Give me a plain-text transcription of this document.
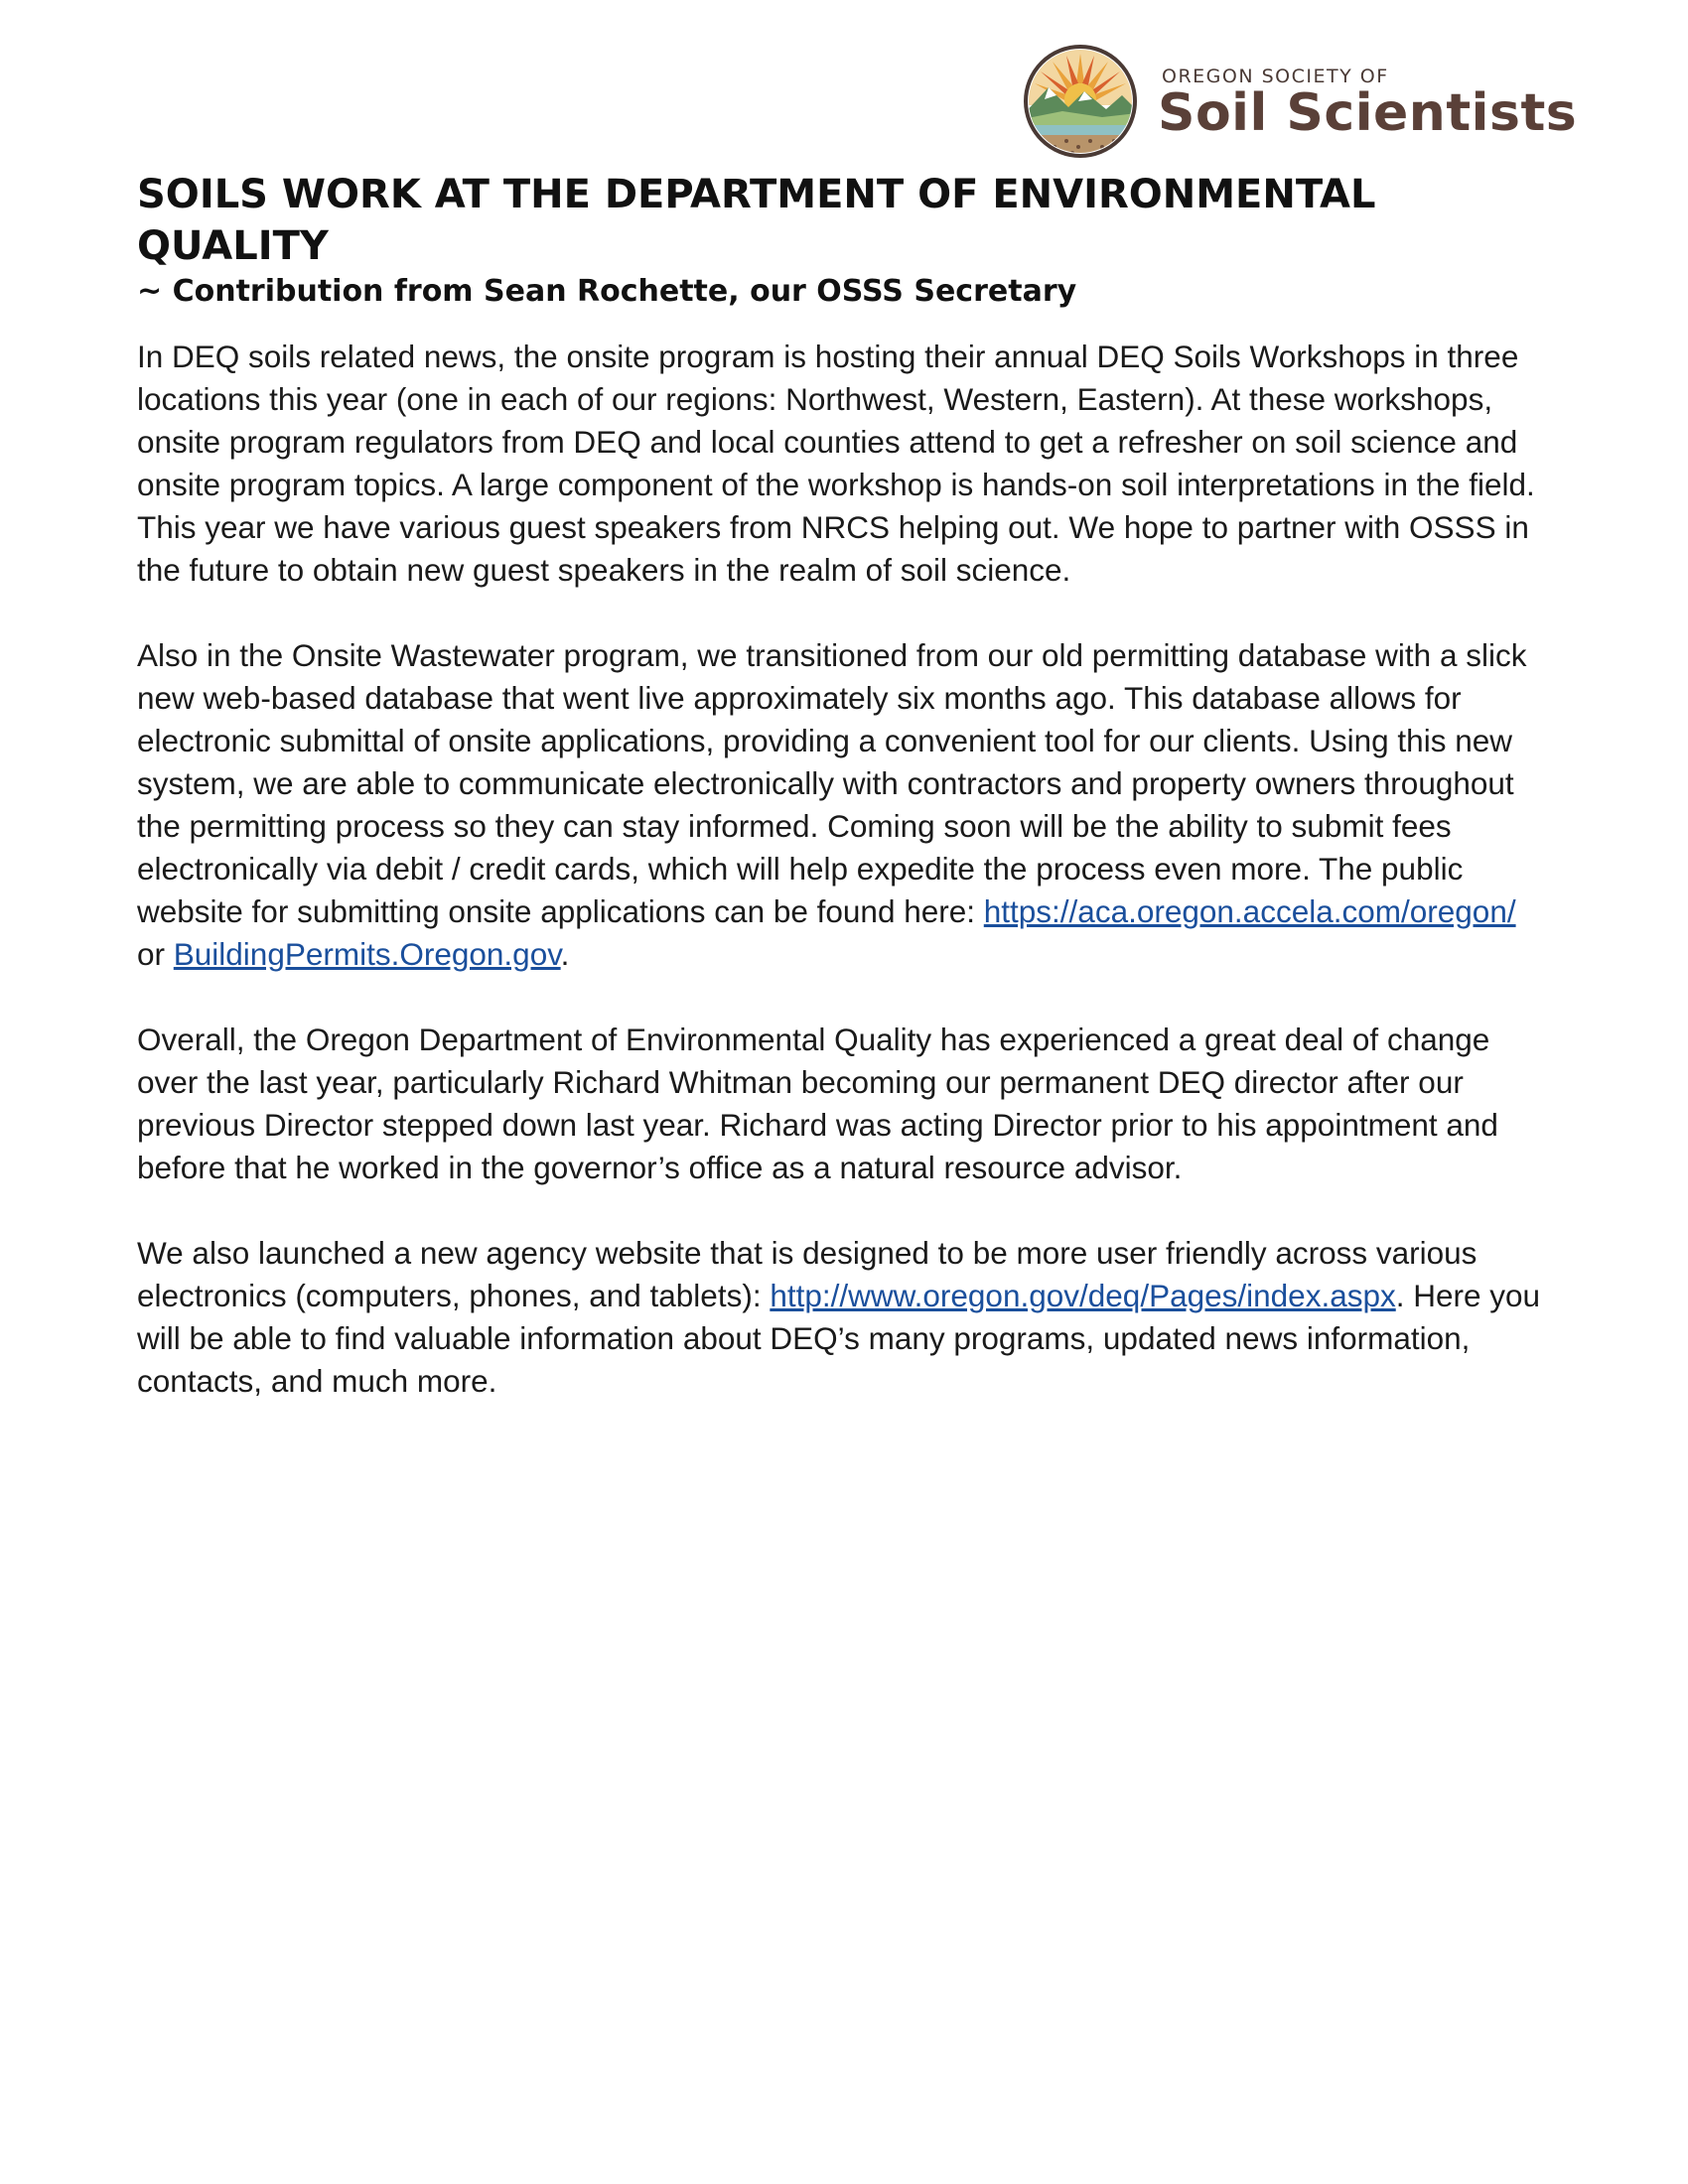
OREGON SOCIETY OF
Soil Scientists
SOILS WORK AT THE DEPARTMENT OF ENVIRONMENTAL
QUALITY

~ Contribution from Sean Rochette, our OSSS Secretary

In DEQ soils related news, the onsite program is hosting their annual DEQ Soils Workshops in three locations this year (one in each of our regions: Northwest, Western, Eastern). At these workshops, onsite program regulators from DEQ and local counties attend to get a refresher on soil science and onsite program topics. A large component of the workshop is hands-on soil interpretations in the field. This year we have various guest speakers from NRCS helping out. We hope to partner with OSSS in the future to obtain new guest speakers in the realm of soil science.

Also in the Onsite Wastewater program, we transitioned from our old permitting database with a slick new web-based database that went live approximately six months ago. This database allows for electronic submittal of onsite applications, providing a convenient tool for our clients. Using this new system, we are able to communicate electronically with contractors and property owners throughout the permitting process so they can stay informed. Coming soon will be the ability to submit fees electronically via debit / credit cards, which will help expedite the process even more. The public website for submitting onsite applications can be found here: https://aca.oregon.accela.com/oregon/ or BuildingPermits.Oregon.gov.

Overall, the Oregon Department of Environmental Quality has experienced a great deal of change over the last year, particularly Richard Whitman becoming our permanent DEQ director after our previous Director stepped down last year. Richard was acting Director prior to his appointment and before that he worked in the governor’s office as a natural resource advisor.

We also launched a new agency website that is designed to be more user friendly across various electronics (computers, phones, and tablets): http://www.oregon.gov/deq/Pages/index.aspx. Here you will be able to find valuable information about DEQ’s many programs, updated news information, contacts, and much more.
